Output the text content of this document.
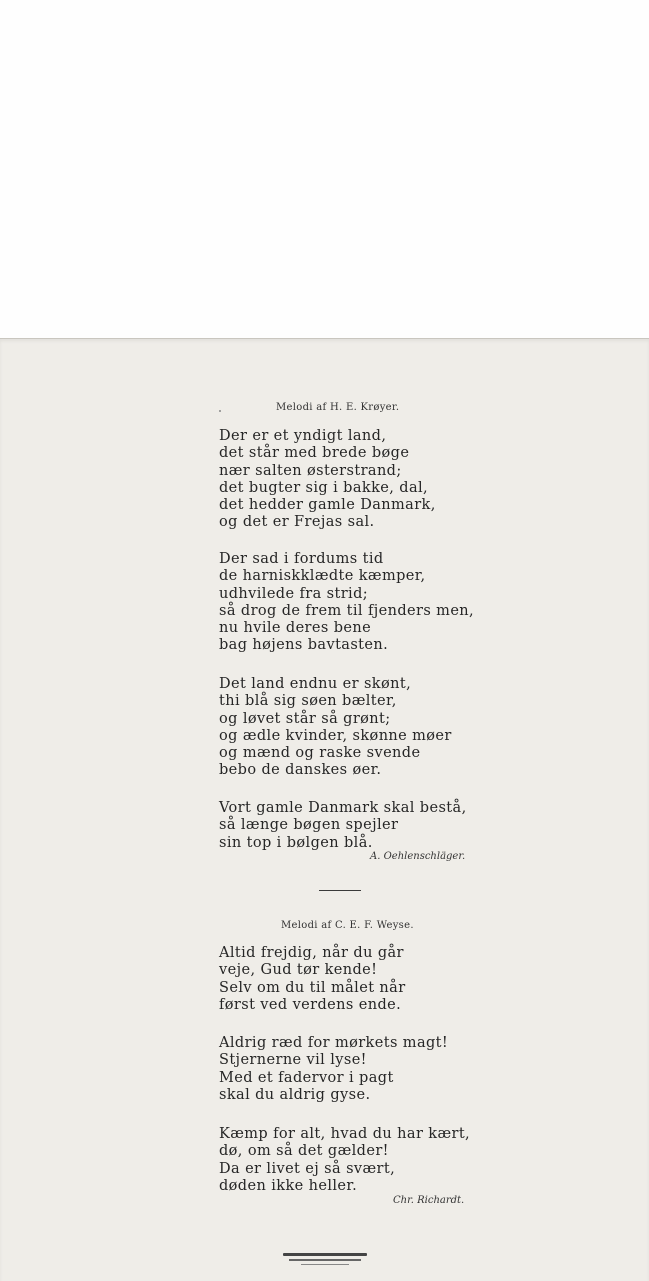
Melodi af H. E. Krøyer.
Der er et yndigt land,
det står med brede bøge
nær salten østerstrand;
det bugter sig i bakke, dal,
det hedder gamle Danmark,
og det er Frejas sal.
Der sad i fordums tid
de harniskklædte kæmper,
udhvilede fra strid;
så drog de frem til fjenders men,
nu hvile deres bene
bag højens bavtasten.
Det land endnu er skønt,
thi blå sig søen bælter,
og løvet står så grønt;
og ædle kvinder, skønne møer
og mænd og raske svende
bebo de danskes øer.
Vort gamle Danmark skal bestå,
så længe bøgen spejler
sin top i bølgen blå.
A. Oehlenschläger.
Melodi af C. E. F. Weyse.
Altid frejdig, når du går
veje, Gud tør kende!
Selv om du til målet når
først ved verdens ende.
Aldrig ræd for mørkets magt!
Stjernerne vil lyse!
Med et fadervor i pagt
skal du aldrig gyse.
Kæmp for alt, hvad du har kært,
dø, om så det gælder!
Da er livet ej så svært,
døden ikke heller.
Chr. Richardt.
